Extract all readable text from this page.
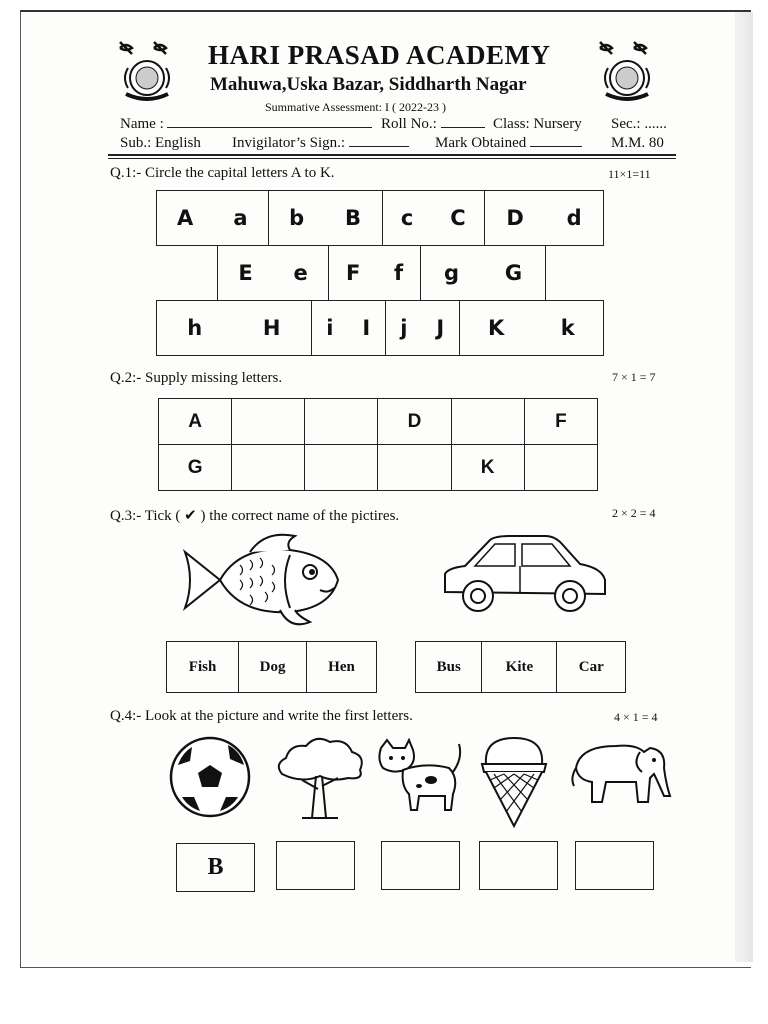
HARI PRASAD ACADEMY
Mahuwa,Uska Bazar, Siddharth Nagar
Summative Assessment: I ( 2022-23 )
Name :	Roll No.:	Class: Nursery Sec.: ......
Sub.: English Invigilator’s Sign.:	Mark Obtained	M.M. 80
Q.1:- Circle the capital letters A to K.	11×1=11
A a	b B	c C	D d
E e	F f	g G
h	H	i I	j J	K	k
Q.2:- Supply missing letters.	7 × 1 = 7
A			D		F
G				K	
Q.3:- Tick ( ✔ ) the correct name of the pictires.	2 × 2 = 4
Fish	Dog	Hen	Bus	Kite	Car
Q.4:- Look at the picture and write the first letters.	4 × 1 = 4
B
